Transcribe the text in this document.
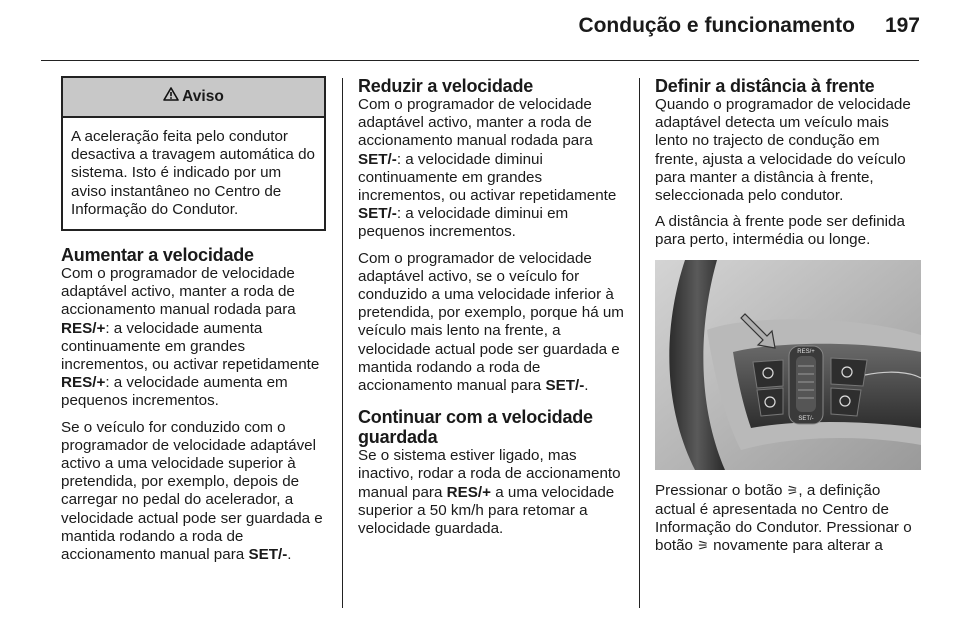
Condução e funcionamento 197
Aviso
A aceleração feita pelo condutor desactiva a travagem automática do sistema. Isto é indicado por um aviso instantâneo no Centro de Informação do Condutor.
Aumentar a velocidade

Com o programador de velocidade adaptável activo, manter a roda de accionamento manual rodada para RES/+: a velocidade aumenta continuamente em grandes incrementos, ou activar repetidamente RES/+: a velocidade aumenta em pequenos incrementos.

Se o veículo for conduzido com o programador de velocidade adaptável activo a uma velocidade superior à pretendida, por exemplo, depois de carregar no pedal do acelerador, a velocidade actual pode ser guardada e mantida rodando a roda de accionamento manual para SET/-.

Reduzir a velocidade

Com o programador de velocidade adaptável activo, manter a roda de accionamento manual rodada para SET/-: a velocidade diminui continuamente em grandes incrementos, ou activar repetidamente SET/-: a velocidade diminui em pequenos incrementos.

Com o programador de velocidade adaptável activo, se o veículo for conduzido a uma velocidade inferior à pretendida, por exemplo, porque há um veículo mais lento na frente, a velocidade actual pode ser guardada e mantida rodando a roda de accionamento manual para SET/-.

Continuar com a velocidade guardada

Se o sistema estiver ligado, mas inactivo, rodar a roda de accionamento manual para RES/+ a uma velocidade superior a 50 km/h para retomar a velocidade guardada.

Definir a distância à frente

Quando o programador de velocidade adaptável detecta um veículo mais lento no trajecto de condução em frente, ajusta a velocidade do veículo para manter a distância à frente, seleccionada pelo condutor.

A distância à frente pode ser definida para perto, intermédia ou longe.

RES/+
SET/-

Pressionar o botão ⚞, a definição actual é apresentada no Centro de Informação do Condutor. Pressionar o botão ⚞ novamente para alterar a
